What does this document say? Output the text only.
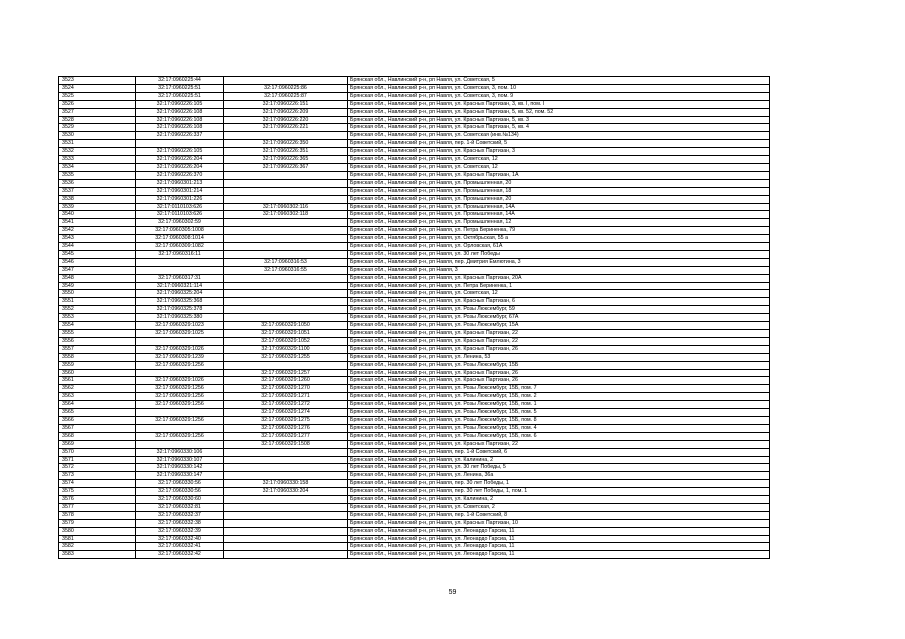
3523	32:17:0960225:44		Брянская обл., Навлинский р-н, рп Навля, ул. Советская, 5
3524	32:17:0960225:51	32:17:0960225:86	Брянская обл., Навлинский р-н, рп Навля, ул. Советская, 3, пом. 10
3525	32:17:0960225:51	32:17:0960225:87	Брянская обл., Навлинский р-н, рп Навля, ул. Советская, 3, пом. 9
3526	32:17:0960226:105	32:17:0960226:151	Брянская обл., Навлинский р-н, рп Навля, ул. Красных Партизан, 3, кв. I, пом. I
3527	32:17:0960226:108	32:17:0960226:209	Брянская обл., Навлинский р-н, рп Навля, ул. Красных Партизан, 5, кв. 52, пом. 52
3528	32:17:0960226:108	32:17:0960226:220	Брянская обл., Навлинский р-н, рп Навля, ул. Красных Партизан, 5, кв. 3
3529	32:17:0960226:108	32:17:0960226:221	Брянская обл., Навлинский р-н, рп Навля, ул. Красных Партизан, 5, кв. 4
3530	32:17:0960226:337		Брянская обл., Навлинский р-н, рп Навля, ул. Советская (инв.№134)
3531		32:17:0960226:350	Брянская обл., Навлинский р-н, рп Навля, пер. 1-й Советский, 5
3532	32:17:0960226:105	32:17:0960226:351	Брянская обл., Навлинский р-н, рп Навля, ул. Красных Партизан, 3
3533	32:17:0960226:204	32:17:0960226:365	Брянская обл., Навлинский р-н, рп Навля, ул. Советская, 12
3534	32:17:0960226:204	32:17:0960226:367	Брянская обл., Навлинский р-н, рп Навля, ул. Советская, 12
3535	32:17:0960226:370		Брянская обл., Навлинский р-н, рп Навля, ул. Красных Партизан, 1А
3536	32:17:0960301:213		Брянская обл., Навлинский р-н, рп Навля, ул. Промышленная, 20
3537	32:17:0960301:214		Брянская обл., Навлинский р-н, рп Навля, ул. Промышленная, 18
3538	32:17:0960301:226		Брянская обл., Навлинский р-н, рп Навля, ул. Промышленная, 20
3539	32:17:0110103:626	32:17:0960302:116	Брянская обл., Навлинский р-н, рп Навля, ул. Промышленная, 14А
3540	32:17:0110103:626	32:17:0960302:118	Брянская обл., Навлинский р-н, рп Навля, ул. Промышленная, 14А
3541	32:17:0960302:59		Брянская обл., Навлинский р-н, рп Навля, ул. Промышленная, 12
3542	32:17:0960305:1008		Брянская обл., Навлинский р-н, рп Навля, ул. Петра Бериненка, 79
3543	32:17:0960308:1014		Брянская обл., Навлинский р-н, рп Навля, ул. Октябрьская, 55 а
3544	32:17:0960309:1082		Брянская обл., Навлинский р-н, рп Навля, ул. Орловская, 61А
3545	32:17:0960316:11		Брянская обл., Навлинский р-н, рп Навля, ул. 30 лет Победы
3546		32:17:0960316:53	Брянская обл., Навлинский р-н, рп Навля, пер. Дмитрия Емлютина, 3
3547		32:17:0960316:55	Брянская обл., Навлинский р-н, рп Навля, 3
3548	32:17:0960317:31		Брянская обл., Навлинский р-н, рп Навля, ул. Красных Партизан, 20А
3549	32:17:0960321:114		Брянская обл., Навлинский р-н, рп Навля, ул. Петра Бериненка, 1
3550	32:17:0960325:204		Брянская обл., Навлинский р-н, рп Навля, ул. Советская, 12
3551	32:17:0960325:368		Брянская обл., Навлинский р-н, рп Навля, ул. Красных Партизан, 6
3552	32:17:0960325:378		Брянская обл., Навлинский р-н, рп Навля, ул. Розы Люксембург, 59
3553	32:17:0960325:380		Брянская обл., Навлинский р-н, рп Навля, ул. Розы Люксембург, 67А
3554	32:17:0960329:1023	32:17:0960329:1050	Брянская обл., Навлинский р-н, рп Навля, ул. Розы Люксембург, 15А
3555	32:17:0960329:1025	32:17:0960329:1051	Брянская обл., Навлинский р-н, рп Навля, ул. Красных Партизан, 22
3556		32:17:0960329:1052	Брянская обл., Навлинский р-н, рп Навля, ул. Красных Партизан, 22
3557	32:17:0960329:1026	32:17:0960329:1100	Брянская обл., Навлинский р-н, рп Навля, ул. Красных Партизан, 26
3558	32:17:0960329:1239	32:17:0960329:1255	Брянская обл., Навлинский р-н, рп Навля, ул. Ленина, 53
3559	32:17:0960329:1256		Брянская обл., Навлинский р-н, рп Навля, ул. Розы Люксембург, 15Б
3560		32:17:0960329:1257	Брянская обл., Навлинский р-н, рп Навля, ул. Красных Партизан, 26
3561	32:17:0960329:1026	32:17:0960329:1260	Брянская обл., Навлинский р-н, рп Навля, ул. Красных Партизан, 26
3562	32:17:0960329:1256	32:17:0960329:1270	Брянская обл., Навлинский р-н, рп Навля, ул. Розы Люксембург, 15Б, пом. 7
3563	32:17:0960329:1256	32:17:0960329:1271	Брянская обл., Навлинский р-н, рп Навля, ул. Розы Люксембург, 15Б, пом. 2
3564	32:17:0960329:1256	32:17:0960329:1272	Брянская обл., Навлинский р-н, рп Навля, ул. Розы Люксембург, 15Б, пом. 1
3565		32:17:0960329:1274	Брянская обл., Навлинский р-н, рп Навля, ул. Розы Люксембург, 15Б, пом. 5
3566	32:17:0960329:1256	32:17:0960329:1275	Брянская обл., Навлинский р-н, рп Навля, ул. Розы Люксембург, 15Б, пом. 8
3567		32:17:0960329:1276	Брянская обл., Навлинский р-н, рп Навля, ул. Розы Люксембург, 15Б, пом. 4
3568	32:17:0960329:1256	32:17:0960329:1277	Брянская обл., Навлинский р-н, рп Навля, ул. Розы Люксембург, 15Б, пом. 6
3569		32:17:0960329:1508	Брянская обл., Навлинский р-н, рп Навля, ул. Красных Партизан, 22
3570	32:17:0960330:106		Брянская обл., Навлинский р-н, рп Навля, пер. 1-й Советский, 6
3571	32:17:0960330:107		Брянская обл., Навлинский р-н, рп Навля, ул. Калинина, 2
3572	32:17:0960330:142		Брянская обл., Навлинский р-н, рп Навля, ул. 30 лет Победы, 5
3573	32:17:0960330:147		Брянская обл., Навлинский р-н, рп Навля, ул. Ленина, 36а
3574	32:17:0960330:56	32:17:0960330:158	Брянская обл., Навлинский р-н, рп Навля, пер. 30 лет Победы, 1
3575	32:17:0960330:56	32:17:0960330:204	Брянская обл., Навлинский р-н, рп Навля, пер. 30 лет Победы, 1, пом. 1
3576	32:17:0960330:60		Брянская обл., Навлинский р-н, рп Навля, ул. Калинина, 2
3577	32:17:0960332:81		Брянская обл., Навлинский р-н, рп Навля, ул. Советская, 2
3578	32:17:0960332:37		Брянская обл., Навлинский р-н, рп Навля, пер. 1-й Советский, 8
3579	32:17:0960332:38		Брянская обл., Навлинский р-н, рп Навля, ул. Красных Партизан, 10
3580	32:17:0960332:39		Брянская обл., Навлинский р-н, рп Навля, ул. Леонардо Гарсиа, 11
3581	32:17:0960332:40		Брянская обл., Навлинский р-н, рп Навля, ул. Леонардо Гарсиа, 11
3582	32:17:0960332:41		Брянская обл., Навлинский р-н, рп Навля, ул. Леонардо Гарсиа, 11
3583	32:17:0960332:42		Брянская обл., Навлинский р-н, рп Навля, ул. Леонардо Гарсиа, 11
59
